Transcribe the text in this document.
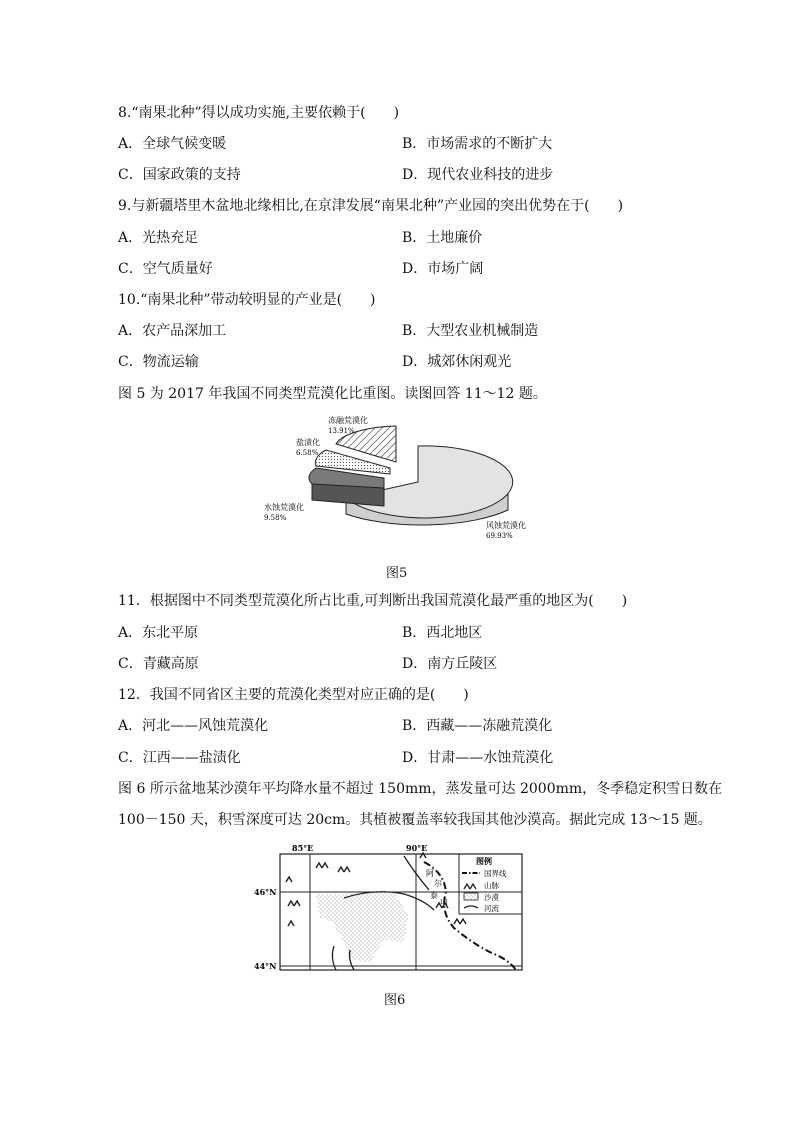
8.“南果北种”得以成功实施,主要依赖于(　　)
A．全球气候变暖	B．市场需求的不断扩大
C．国家政策的支持	D．现代农业科技的进步
9.与新疆塔里木盆地北缘相比,在京津发展“南果北种”产业园的突出优势在于(　　)
A．光热充足	B．土地廉价
C．空气质量好	D．市场广阔
10.“南果北种”带动较明显的产业是(　　)
A．农产品深加工	B．大型农业机械制造
C．物流运输	D．城郊休闲观光
图 5 为 2017 年我国不同类型荒漠化比重图。读图回答 11～12 题。
冻融荒漠化
13.91%
盐渍化
6.58%
水蚀荒漠化
9.58%
风蚀荒漠化
69.93%
图5
11．根据图中不同类型荒漠化所占比重,可判断出我国荒漠化最严重的地区为(　　)
A．东北平原	B．西北地区
C．青藏高原	D．南方丘陵区
12．我国不同省区主要的荒漠化类型对应正确的是(　　)
A．河北——风蚀荒漠化	B．西藏——冻融荒漠化
C．江西——盐渍化	D．甘肃——水蚀荒漠化
图 6 所示盆地某沙漠年平均降水量不超过 150mm，蒸发量可达 2000mm，冬季稳定积雪日数在
100－150 天，积雪深度可达 20cm。其植被覆盖率较我国其他沙漠高。据此完成 13～15 题。
85°E	90°E
46°N
44°N
阿
尔
泰
山
图例
国界线
山脉
沙漠
河流
图6
